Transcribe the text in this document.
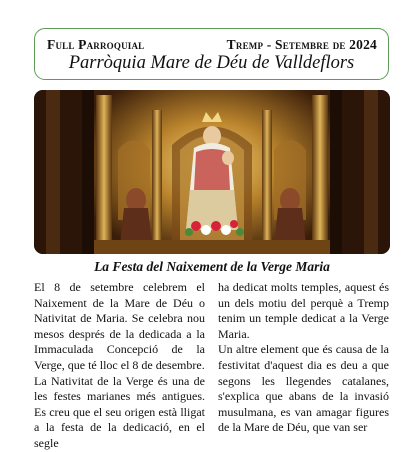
Full Parroquial	Tremp - Setembre de 2024
Parròquia Mare de Déu de Valldeflors
La Festa del Naixement de la Verge Maria

El 8 de setembre celebrem el Naixement de la Mare de Déu o Nativitat de Maria. Se celebra nou mesos després de la dedicada a la Immaculada Concepció de la Verge, que té lloc el 8 de desembre.

La Nativitat de la Verge és una de les festes marianes més antigues. Es creu que el seu origen està lligat a la festa de la dedicació, en el segle

ha dedicat molts temples, aquest és un dels motiu del perquè a Tremp tenim un temple dedicat a la Verge Maria.

Un altre element que és causa de la festivitat d'aquest dia es deu a que segons les llegendes catalanes, s'explica que abans de la invasió musulmana, es van amagar figures de la Mare de Déu, que van ser
